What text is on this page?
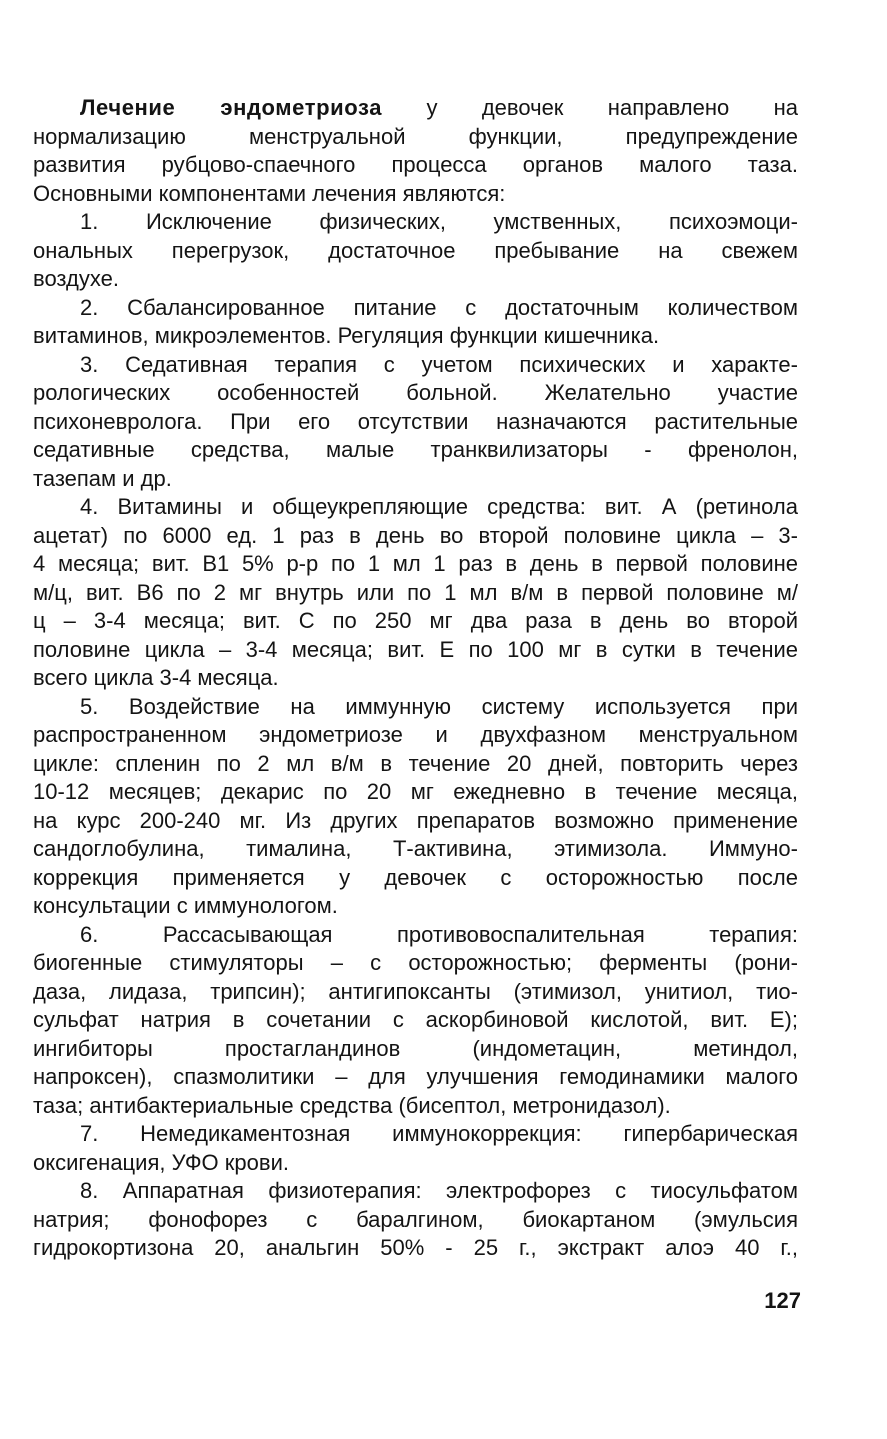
Лечение эндометриоза у девочек направлено на
нормализацию менструальной функции, предупреждение
развития рубцово-спаечного процесса органов малого таза.
Основными компонентами лечения являются:
1. Исключение физических, умственных, психоэмоци-
ональных перегрузок, достаточное пребывание на свежем
воздухе.
2. Сбалансированное питание с достаточным количеством
витаминов, микроэлементов. Регуляция функции кишечника.
3. Седативная терапия с учетом психических и характе-
рологических особенностей больной. Желательно участие
психоневролога. При его отсутствии назначаются растительные
седативные средства, малые транквилизаторы - френолон,
тазепам и др.
4. Витамины и общеукрепляющие средства: вит. А (ретинола
ацетат) по 6000 ед. 1 раз в день во второй половине цикла – 3-
4 месяца; вит. В1 5% р-р по 1 мл 1 раз в день в первой половине
м/ц, вит. В6 по 2 мг внутрь или по 1 мл в/м в первой половине м/
ц – 3-4 месяца; вит. С по 250 мг два раза в день во второй
половине цикла – 3-4 месяца; вит. Е по 100 мг в сутки в течение
всего цикла 3-4 месяца.
5. Воздействие на иммунную систему используется при
распространенном эндометриозе и двухфазном менструальном
цикле: спленин по 2 мл в/м в течение 20 дней, повторить через
10-12 месяцев; декарис по 20 мг ежедневно в течение месяца,
на курс 200-240 мг. Из других препаратов возможно применение
сандоглобулина, тималина, Т-активина, этимизола. Иммуно-
коррекция применяется у девочек с осторожностью после
консультации с иммунологом.
6. Рассасывающая противовоспалительная терапия:
биогенные стимуляторы – с осторожностью; ферменты (рони-
даза, лидаза, трипсин); антигипоксанты (этимизол, унитиол, тио-
сульфат натрия в сочетании с аскорбиновой кислотой, вит. Е);
ингибиторы простагландинов (индометацин, метиндол,
напроксен), спазмолитики – для улучшения гемодинамики малого
таза; антибактериальные средства (бисептол, метронидазол).
7. Немедикаментозная иммунокоррекция: гипербарическая
оксигенация, УФО крови.
8. Аппаратная физиотерапия: электрофорез с тиосульфатом
натрия; фонофорез с баралгином, биокартаном (эмульсия
гидрокортизона 20, анальгин 50% - 25 г., экстракт алоэ 40 г.,
127
